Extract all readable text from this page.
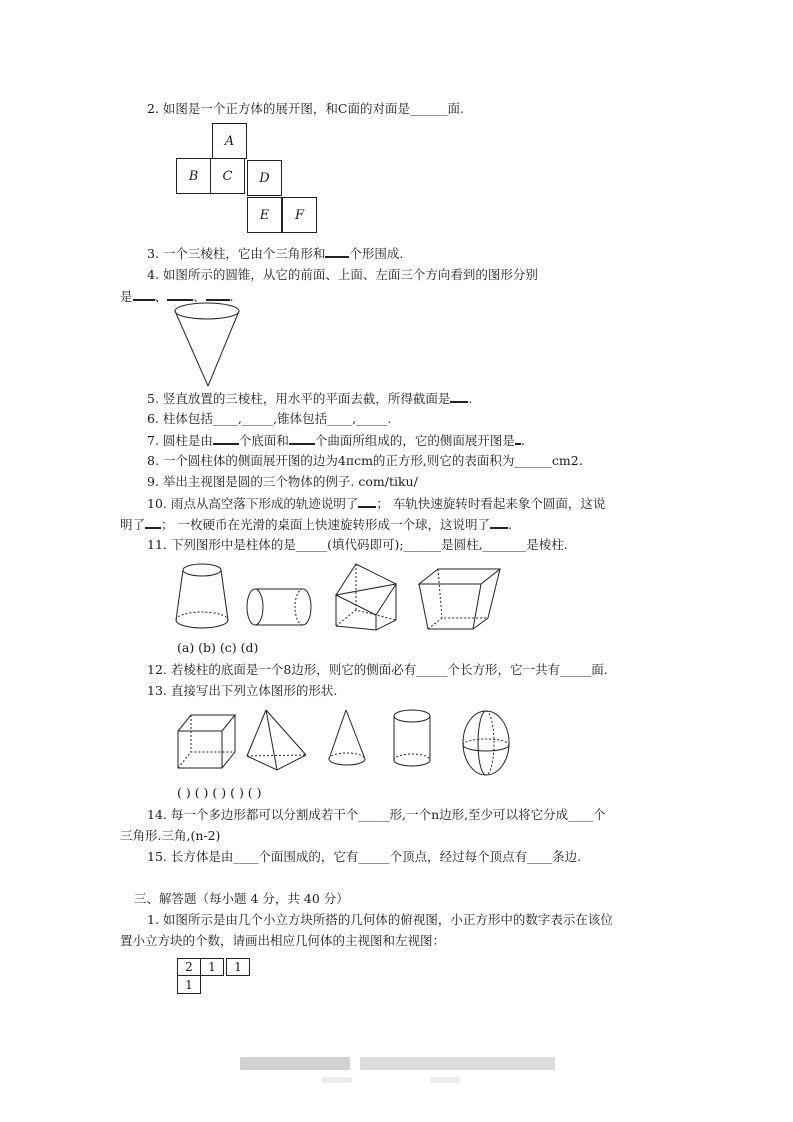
2. 如图是一个正方体的展开图，和C面的对面是______面.
A
B	C	D
E	F
3. 一个三棱柱，它由个三角形和 个形围成.
4. 如图所示的圆锥，从它的前面、上面、左面三个方向看到的图形分别
是 、 、 .
5. 竖直放置的三棱柱，用水平的平面去截，所得截面是 .
6. 柱体包括____,_____,锥体包括____,_____.
7. 圆柱是由 个底面和 个曲面所组成的，它的侧面展开图是 .
8. 一个圆柱体的侧面展开图的边为4πcm的正方形,则它的表面积为______cm2.
9. 举出主视图是圆的三个物体的例子. com/tiku/
10. 雨点从高空落下形成的轨迹说明了 ； 车轨快速旋转时看起来象个圆面，这说
明了 ； 一枚硬币在光滑的桌面上快速旋转形成一个球，这说明了 .
11. 下列图形中是柱体的是_____(填代码即可);______是圆柱,_______是棱柱.
(a) (b) (c) (d)
12. 若棱柱的底面是一个8边形，则它的侧面必有_____个长方形，它一共有_____面.
13. 直接写出下列立体图形的形状.
( ) ( ) ( ) ( ) ( )
14. 每一个多边形都可以分割成若干个_____形,一个n边形,至少可以将它分成____个
三角形.三角,(n-2)
15. 长方体是由____个面围成的，它有_____个顶点，经过每个顶点有____条边.
三、解答题（每小题 4 分，共 40 分）
1. 如图所示是由几个小立方块所搭的几何体的俯视图，小正方形中的数字表示在该位
置小立方块的个数，请画出相应几何体的主视图和左视图：
2	1	1
1
